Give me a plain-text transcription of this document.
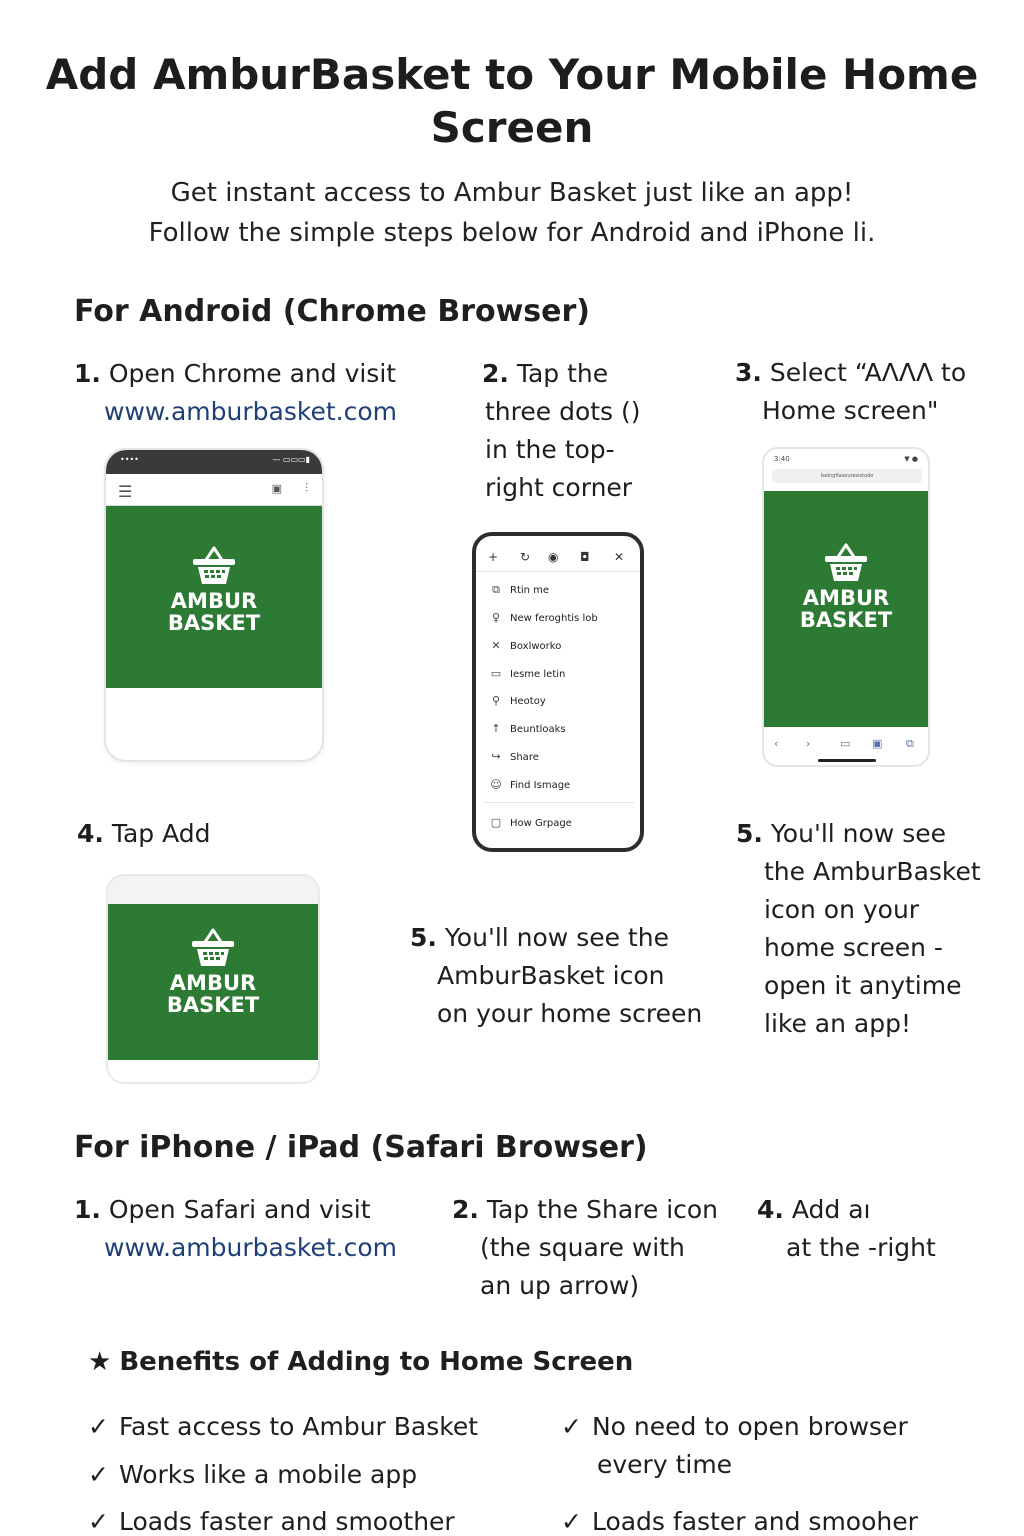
Add AmburBasket to Your Mobile Home
Screen
Get instant access to Ambur Basket just like an app!
Follow the simple steps below for Android and iPhone li.
For Android (Chrome Browser)
1. Open Chrome and visit
www.amburbasket.com
2. Tap the
three dots ()
in the top-
right corner
3. Select “AɅɅɅ to
Home screen"
••••	— ▭▭▭▮
☰	▣ ⫶
AMBUR
BASKET
+ ↻ ◉ ◘ ✕
⧉ Rtin me
♀ New feroghtis lob
✕ Boxlworko
▭ Iesme letin
⚲ Heotoy
↑ Beuntloaks
↪ Share
☺ Find Ismage
▢ How Grpage
3:40	▼ ●
Iseingfiasouresistodo
AMBUR
BASKET
‹	›	▭ ▣ ⧉
4. Tap Add
AMBUR
BASKET
5. You'll now see the
AmburBasket icon
on your home screen
5. You'll now see
the AmburBasket
icon on your
home screen -
open it anytime
like an app!
For iPhone / iPad (Safari Browser)
1. Open Safari and visit
www.amburbasket.com
2. Tap the Share icon
(the square with
an up arrow)
4. Add aı
at the -right
★ Benefits of Adding to Home Screen
✓ Fast access to Ambur Basket
✓ Works like a mobile app
✓ Loads faster and smoother
✓ No need to open browser
every time
✓ Loads faster and smooher
